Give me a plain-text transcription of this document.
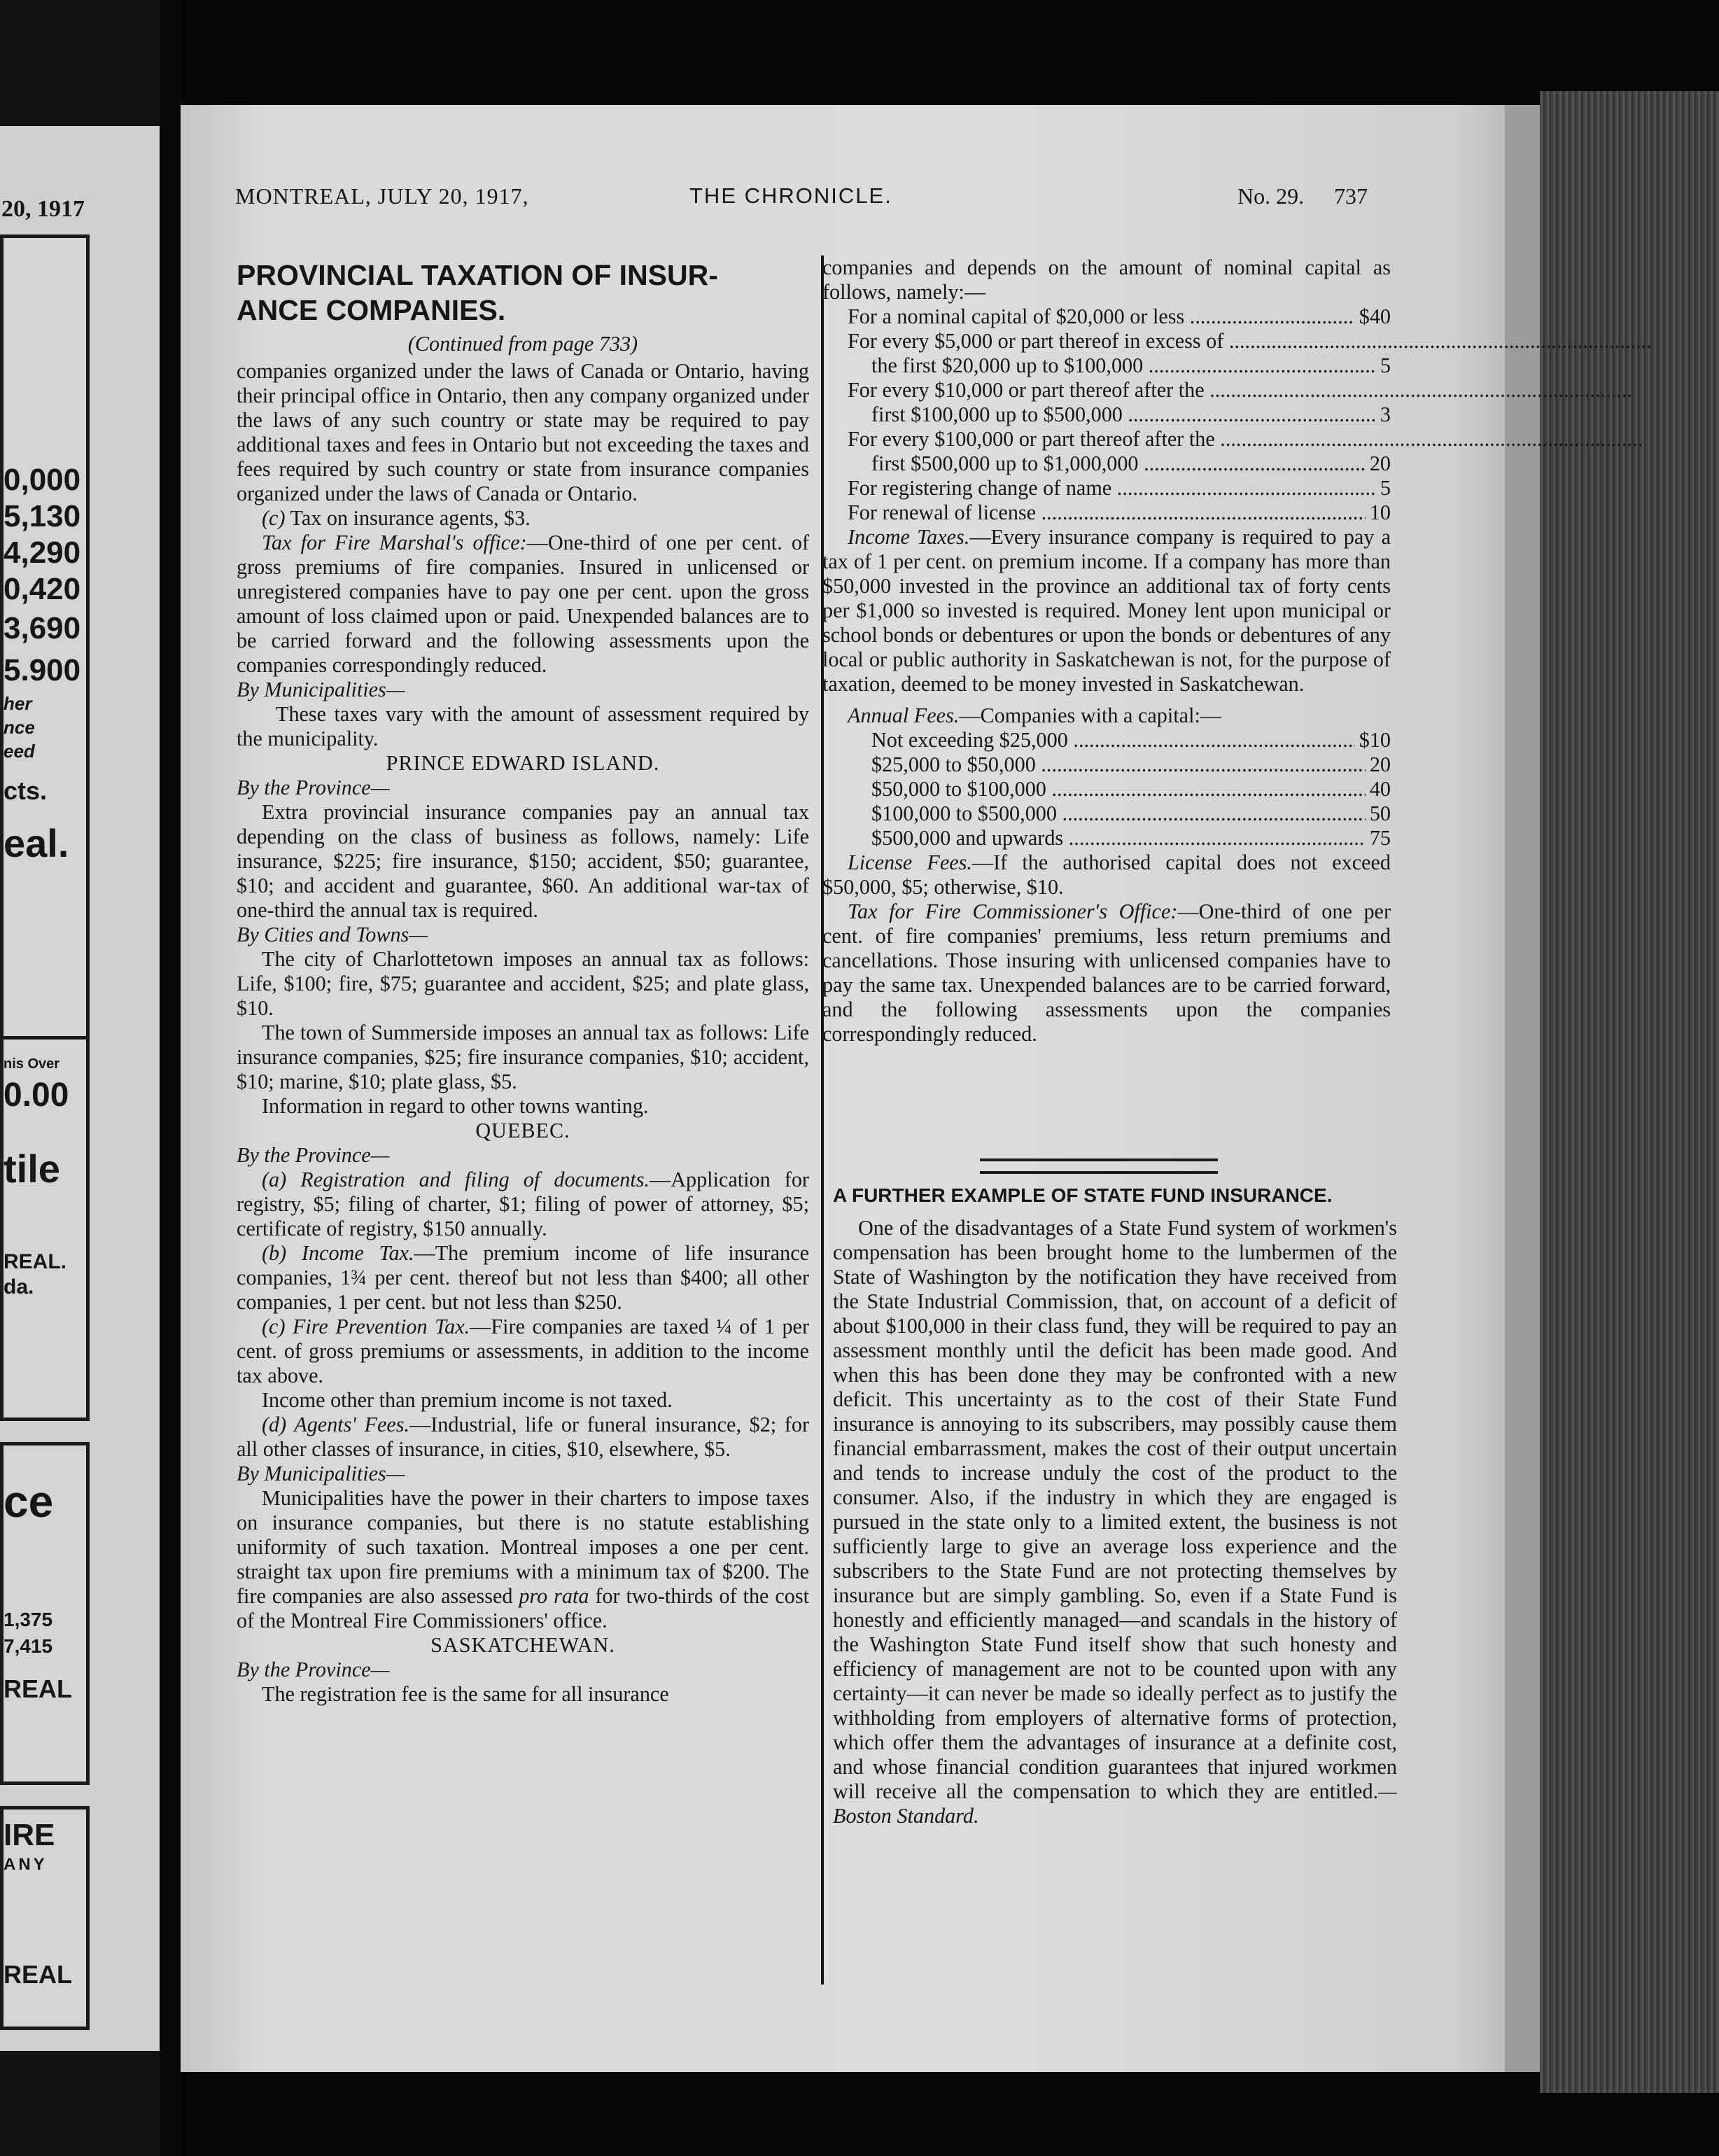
20, 1917
0,000
5,130
4,290
0,420
3,690
5.900
her
nce
eed
cts.
eal.
nis Over
0.00
tile
REAL.
da.
ce
1,375
7,415
REAL
IRE
ANY
REAL
MONTREAL, JULY 20, 1917,	THE CHRONICLE.	No. 29. 737

PROVINCIAL TAXATION OF INSUR-

ANCE COMPANIES.

(Continued from page 733)

companies organized under the laws of Canada or Ontario, having their principal office in Ontario, then any company organized under the laws of any such country or state may be required to pay additional taxes and fees in Ontario but not exceeding the taxes and fees required by such country or state from insurance companies organized under the laws of Canada or Ontario.

(c) Tax on insurance agents, $3.

Tax for Fire Marshal's office:—One-third of one per cent. of gross premiums of fire companies. Insured in unlicensed or unregistered companies have to pay one per cent. upon the gross amount of loss claimed upon or paid. Unexpended balances are to be carried forward and the following assessments upon the companies correspondingly reduced.

By Municipalities—

These taxes vary with the amount of assessment required by the municipality.

PRINCE EDWARD ISLAND.

By the Province—

Extra provincial insurance companies pay an annual tax depending on the class of business as follows, namely: Life insurance, $225; fire insurance, $150; accident, $50; guarantee, $10; and accident and guarantee, $60. An additional war-tax of one-third the annual tax is required.

By Cities and Towns—

The city of Charlottetown imposes an annual tax as follows: Life, $100; fire, $75; guarantee and accident, $25; and plate glass, $10.

The town of Summerside imposes an annual tax as follows: Life insurance companies, $25; fire insurance companies, $10; accident, $10; marine, $10; plate glass, $5.

Information in regard to other towns wanting.

QUEBEC.

By the Province—

(a) Registration and filing of documents.—Application for registry, $5; filing of charter, $1; filing of power of attorney, $5; certificate of registry, $150 annually.

(b) Income Tax.—The premium income of life insurance companies, 1¾ per cent. thereof but not less than $400; all other companies, 1 per cent. but not less than $250.

(c) Fire Prevention Tax.—Fire companies are taxed ¼ of 1 per cent. of gross premiums or assessments, in addition to the income tax above.

Income other than premium income is not taxed.

(d) Agents' Fees.—Industrial, life or funeral insurance, $2; for all other classes of insurance, in cities, $10, elsewhere, $5.

By Municipalities—

Municipalities have the power in their charters to impose taxes on insurance companies, but there is no statute establishing uniformity of such taxation. Montreal imposes a one per cent. straight tax upon fire premiums with a minimum tax of $200. The fire companies are also assessed pro rata for two-thirds of the cost of the Montreal Fire Commissioners' office.

SASKATCHEWAN.

By the Province—

The registration fee is the same for all insurance

companies and depends on the amount of nominal capital as follows, namely:—

For a nominal capital of $20,000 or less .....	$40
For every $5,000 or part thereof in excess of .....
the first $20,000 up to $100,000 .....	5
For every $10,000 or part thereof after the .....
first $100,000 up to $500,000 .....	3
For every $100,000 or part thereof after the .....
first $500,000 up to $1,000,000 .....	20
For registering change of name .....	5
For renewal of license .....	10

Income Taxes.—Every insurance company is required to pay a tax of 1 per cent. on premium income. If a company has more than $50,000 invested in the province an additional tax of forty cents per $1,000 so invested is required. Money lent upon municipal or school bonds or debentures or upon the bonds or debentures of any local or public authority in Saskatchewan is not, for the purpose of taxation, deemed to be money invested in Saskatchewan.

Annual Fees.—Companies with a capital:—

Not exceeding $25,000 .....	$10
$25,000 to $50,000 .....	20
$50,000 to $100,000 .....	40
$100,000 to $500,000 .....	50
$500,000 and upwards .....	75

License Fees.—If the authorised capital does not exceed $50,000, $5; otherwise, $10.

Tax for Fire Commissioner's Office:—One-third of one per cent. of fire companies' premiums, less return premiums and cancellations. Those insuring with unlicensed companies have to pay the same tax. Unexpended balances are to be carried forward, and the following assessments upon the companies correspondingly reduced.

A FURTHER EXAMPLE OF STATE FUND INSURANCE.

One of the disadvantages of a State Fund system of workmen's compensation has been brought home to the lumbermen of the State of Washington by the notification they have received from the State Industrial Commission, that, on account of a deficit of about $100,000 in their class fund, they will be required to pay an assessment monthly until the deficit has been made good. And when this has been done they may be confronted with a new deficit. This uncertainty as to the cost of their State Fund insurance is annoying to its subscribers, may possibly cause them financial embarrassment, makes the cost of their output uncertain and tends to increase unduly the cost of the product to the consumer. Also, if the industry in which they are engaged is pursued in the state only to a limited extent, the business is not sufficiently large to give an average loss experience and the subscribers to the State Fund are not protecting themselves by insurance but are simply gambling. So, even if a State Fund is honestly and efficiently managed—and scandals in the history of the Washington State Fund itself show that such honesty and efficiency of management are not to be counted upon with any certainty—it can never be made so ideally perfect as to justify the withholding from employers of alternative forms of protection, which offer them the advantages of insurance at a definite cost, and whose financial condition guarantees that injured workmen will receive all the compensation to which they are entitled.—Boston Standard.
